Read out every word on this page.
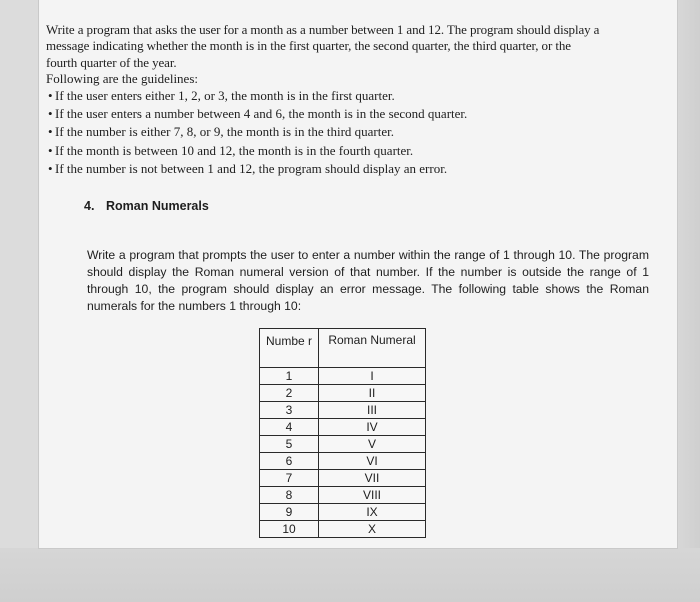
Write a program that asks the user for a month as a number between 1 and 12. The program should display a

message indicating whether the month is in the first quarter, the second quarter, the third quarter, or the

fourth quarter of the year.

Following are the guidelines:

• If the user enters either 1, 2, or 3, the month is in the first quarter.
• If the user enters a number between 4 and 6, the month is in the second quarter.
• If the number is either 7, 8, or 9, the month is in the third quarter.
• If the month is between 10 and 12, the month is in the fourth quarter.
• If the number is not between 1 and 12, the program should display an error.
4. Roman Numerals
Write a program that prompts the user to enter a number within the range of 1 through 10. The program should display the Roman numeral version of that number. If the number is outside the range of 1 through 10, the program should display an error message. The following table shows the Roman numerals for the numbers 1 through 10:
Numbe r	Roman Numeral
1	I
2	II
3	III
4	IV
5	V
6	VI
7	VII
8	VIII
9	IX
10	X
